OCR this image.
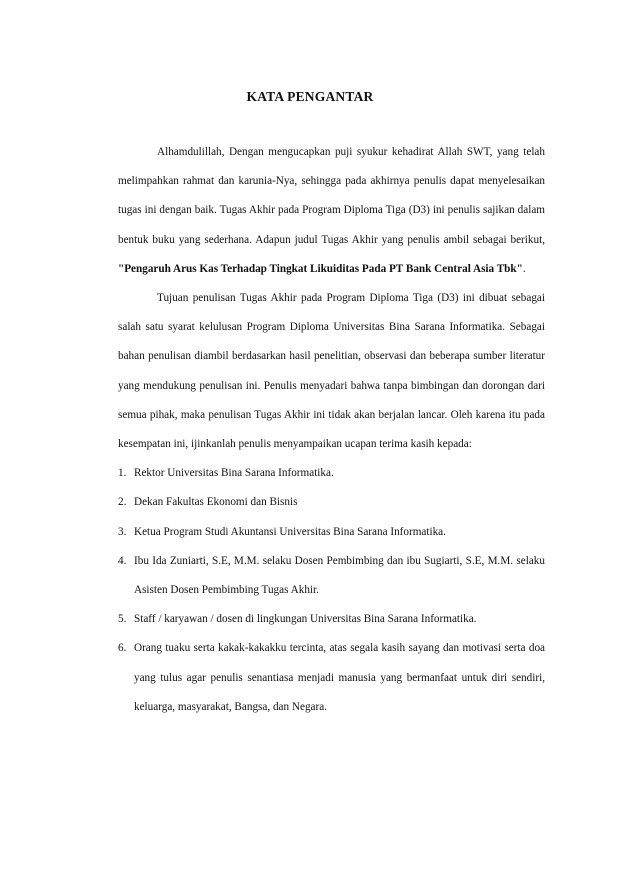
KATA PENGANTAR

Alhamdulillah, Dengan mengucapkan puji syukur kehadirat Allah SWT, yang telah melimpahkan rahmat dan karunia-Nya, sehingga pada akhirnya penulis dapat menyelesaikan tugas ini dengan baik. Tugas Akhir pada Program Diploma Tiga (D3) ini penulis sajikan dalam bentuk buku yang sederhana. Adapun judul Tugas Akhir yang penulis ambil sebagai berikut, "Pengaruh Arus Kas Terhadap Tingkat Likuiditas Pada PT Bank Central Asia Tbk".

Tujuan penulisan Tugas Akhir pada Program Diploma Tiga (D3) ini dibuat sebagai salah satu syarat kelulusan Program Diploma Universitas Bina Sarana Informatika. Sebagai bahan penulisan diambil berdasarkan hasil penelitian, observasi dan beberapa sumber literatur yang mendukung penulisan ini. Penulis menyadari bahwa tanpa bimbingan dan dorongan dari semua pihak, maka penulisan Tugas Akhir ini tidak akan berjalan lancar. Oleh karena itu pada kesempatan ini, ijinkanlah penulis menyampaikan ucapan terima kasih kepada:

1. Rektor Universitas Bina Sarana Informatika.
2. Dekan Fakultas Ekonomi dan Bisnis
3. Ketua Program Studi Akuntansi Universitas Bina Sarana Informatika.
4. Ibu Ida Zuniarti, S.E, M.M. selaku Dosen Pembimbing dan ibu Sugiarti, S.E, M.M. selaku Asisten Dosen Pembimbing Tugas Akhir.
5. Staff / karyawan / dosen di lingkungan Universitas Bina Sarana Informatika.
6. Orang tuaku serta kakak-kakakku tercinta, atas segala kasih sayang dan motivasi serta doa yang tulus agar penulis senantiasa menjadi manusia yang bermanfaat untuk diri sendiri, keluarga, masyarakat, Bangsa, dan Negara.
